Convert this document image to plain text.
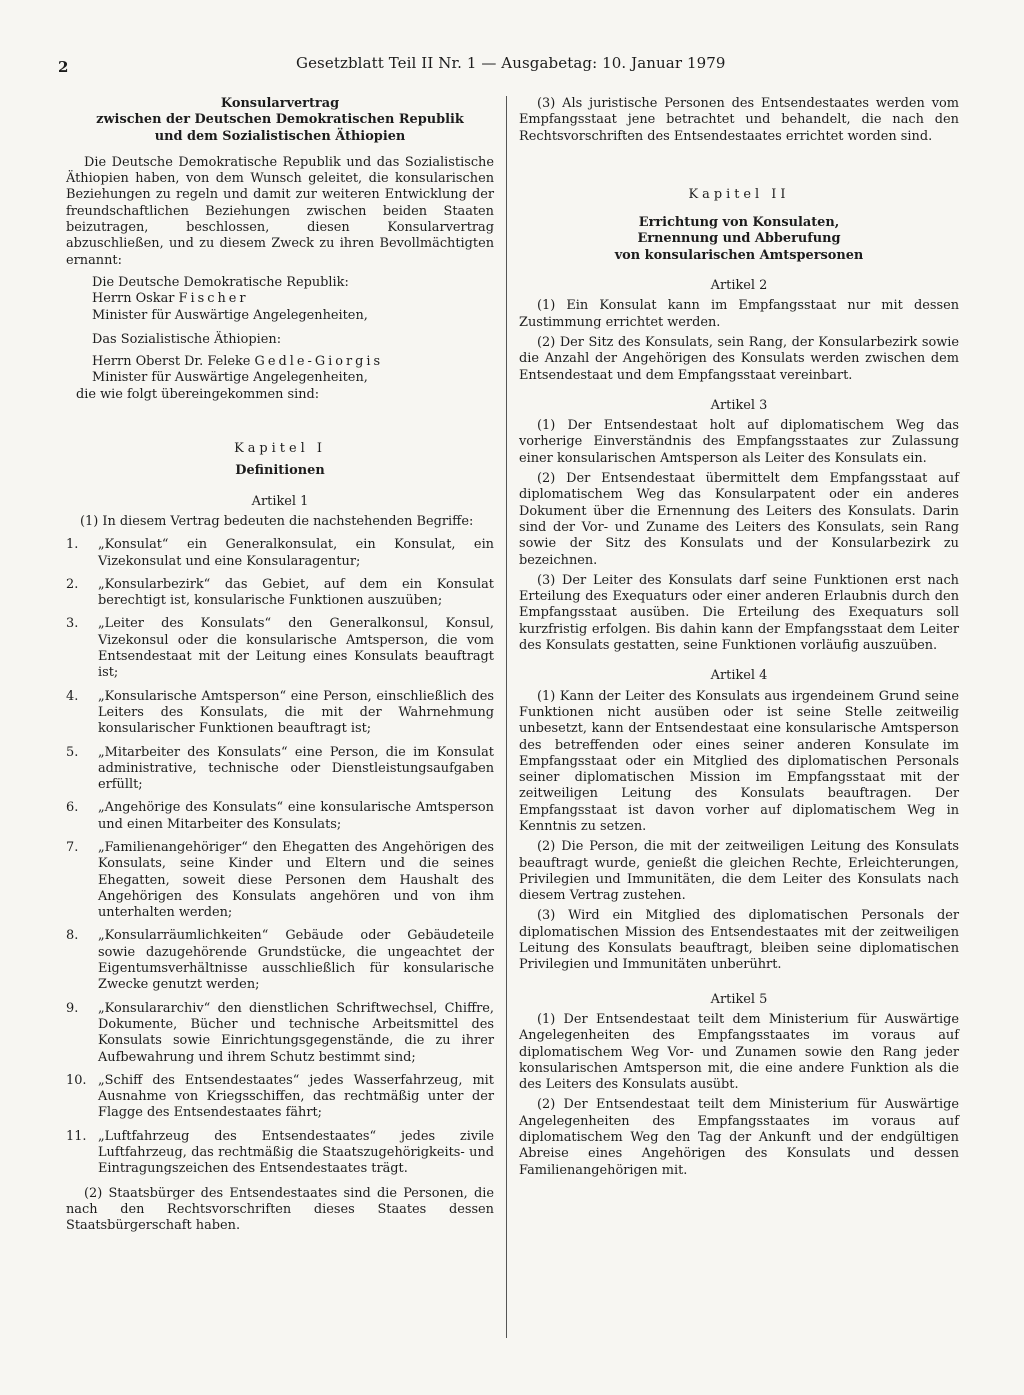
2	Gesetzblatt Teil II Nr. 1 — Ausgabetag: 10. Januar 1979

Konsularvertrag

zwischen der Deutschen Demokratischen Republik

und dem Sozialistischen Äthiopien

Die Deutsche Demokratische Republik und das Sozialistische Äthiopien haben, von dem Wunsch geleitet, die konsularischen Beziehungen zu regeln und damit zur weiteren Entwicklung der freundschaftlichen Beziehungen zwischen beiden Staaten beizutragen, beschlossen, diesen Konsularvertrag abzuschließen, und zu diesem Zweck zu ihren Bevollmächtigten ernannt:

Die Deutsche Demokratische Republik:
Herrn Oskar Fischer
Minister für Auswärtige Angelegenheiten,
Das Sozialistische Äthiopien:
Herrn Oberst Dr. Feleke Gedle-Giorgis
Minister für Auswärtige Angelegenheiten,
die wie folgt übereingekommen sind:
Kapitel I
Definitionen
Artikel 1

(1) In diesem Vertrag bedeuten die nachstehenden Begriffe:

1.	„Konsulat“ ein Generalkonsulat, ein Konsulat, ein Vizekonsulat und eine Konsularagentur;
2.	„Konsularbezirk“ das Gebiet, auf dem ein Konsulat berechtigt ist, konsularische Funktionen auszuüben;
3.	„Leiter des Konsulats“ den Generalkonsul, Konsul, Vizekonsul oder die konsularische Amtsperson, die vom Entsendestaat mit der Leitung eines Konsulats beauftragt ist;
4.	„Konsularische Amtsperson“ eine Person, einschließlich des Leiters des Konsulats, die mit der Wahrnehmung konsularischer Funktionen beauftragt ist;
5.	„Mitarbeiter des Konsulats“ eine Person, die im Konsulat administrative, technische oder Dienstleistungsaufgaben erfüllt;
6.	„Angehörige des Konsulats“ eine konsularische Amtsperson und einen Mitarbeiter des Konsulats;
7.	„Familienangehöriger“ den Ehegatten des Angehörigen des Konsulats, seine Kinder und Eltern und die seines Ehegatten, soweit diese Personen dem Haushalt des Angehörigen des Konsulats angehören und von ihm unterhalten werden;
8.	„Konsularräumlichkeiten“ Gebäude oder Gebäudeteile sowie dazugehörende Grundstücke, die ungeachtet der Eigentumsverhältnisse ausschließlich für konsularische Zwecke genutzt werden;
9.	„Konsulararchiv“ den dienstlichen Schriftwechsel, Chiffre, Dokumente, Bücher und technische Arbeitsmittel des Konsulats sowie Einrichtungsgegenstände, die zu ihrer Aufbewahrung und ihrem Schutz bestimmt sind;
10. „Schiff des Entsendestaates“ jedes Wasserfahrzeug, mit Ausnahme von Kriegsschiffen, das rechtmäßig unter der Flagge des Entsendestaates fährt;
11. „Luftfahrzeug des Entsendestaates“ jedes zivile Luftfahrzeug, das rechtmäßig die Staatszugehörigkeits- und Eintragungszeichen des Entsendestaates trägt.

(2) Staatsbürger des Entsendestaates sind die Personen, die nach den Rechtsvorschriften dieses Staates dessen Staatsbürgerschaft haben.

(3) Als juristische Personen des Entsendestaates werden vom Empfangsstaat jene betrachtet und behandelt, die nach den Rechtsvorschriften des Entsendestaates errichtet worden sind.

Kapitel II
Errichtung von Konsulaten,
Ernennung und Abberufung
von konsularischen Amtspersonen
Artikel 2

(1) Ein Konsulat kann im Empfangsstaat nur mit dessen Zustimmung errichtet werden.

(2) Der Sitz des Konsulats, sein Rang, der Konsularbezirk sowie die Anzahl der Angehörigen des Konsulats werden zwischen dem Entsendestaat und dem Empfangsstaat vereinbart.

Artikel 3

(1) Der Entsendestaat holt auf diplomatischem Weg das vorherige Einverständnis des Empfangsstaates zur Zulassung einer konsularischen Amtsperson als Leiter des Konsulats ein.

(2) Der Entsendestaat übermittelt dem Empfangsstaat auf diplomatischem Weg das Konsularpatent oder ein anderes Dokument über die Ernennung des Leiters des Konsulats. Darin sind der Vor- und Zuname des Leiters des Konsulats, sein Rang sowie der Sitz des Konsulats und der Konsularbezirk zu bezeichnen.

(3) Der Leiter des Konsulats darf seine Funktionen erst nach Erteilung des Exequaturs oder einer anderen Erlaubnis durch den Empfangsstaat ausüben. Die Erteilung des Exequaturs soll kurzfristig erfolgen. Bis dahin kann der Empfangsstaat dem Leiter des Konsulats gestatten, seine Funktionen vorläufig auszuüben.

Artikel 4

(1) Kann der Leiter des Konsulats aus irgendeinem Grund seine Funktionen nicht ausüben oder ist seine Stelle zeitweilig unbesetzt, kann der Entsendestaat eine konsularische Amtsperson des betreffenden oder eines seiner anderen Konsulate im Empfangsstaat oder ein Mitglied des diplomatischen Personals seiner diplomatischen Mission im Empfangsstaat mit der zeitweiligen Leitung des Konsulats beauftragen. Der Empfangsstaat ist davon vorher auf diplomatischem Weg in Kenntnis zu setzen.

(2) Die Person, die mit der zeitweiligen Leitung des Konsulats beauftragt wurde, genießt die gleichen Rechte, Erleichterungen, Privilegien und Immunitäten, die dem Leiter des Konsulats nach diesem Vertrag zustehen.

(3) Wird ein Mitglied des diplomatischen Personals der diplomatischen Mission des Entsendestaates mit der zeitweiligen Leitung des Konsulats beauftragt, bleiben seine diplomatischen Privilegien und Immunitäten unberührt.

Artikel 5

(1) Der Entsendestaat teilt dem Ministerium für Auswärtige Angelegenheiten des Empfangsstaates im voraus auf diplomatischem Weg Vor- und Zunamen sowie den Rang jeder konsularischen Amtsperson mit, die eine andere Funktion als die des Leiters des Konsulats ausübt.

(2) Der Entsendestaat teilt dem Ministerium für Auswärtige Angelegenheiten des Empfangsstaates im voraus auf diplomatischem Weg den Tag der Ankunft und der endgültigen Abreise eines Angehörigen des Konsulats und dessen Familienangehörigen mit.
